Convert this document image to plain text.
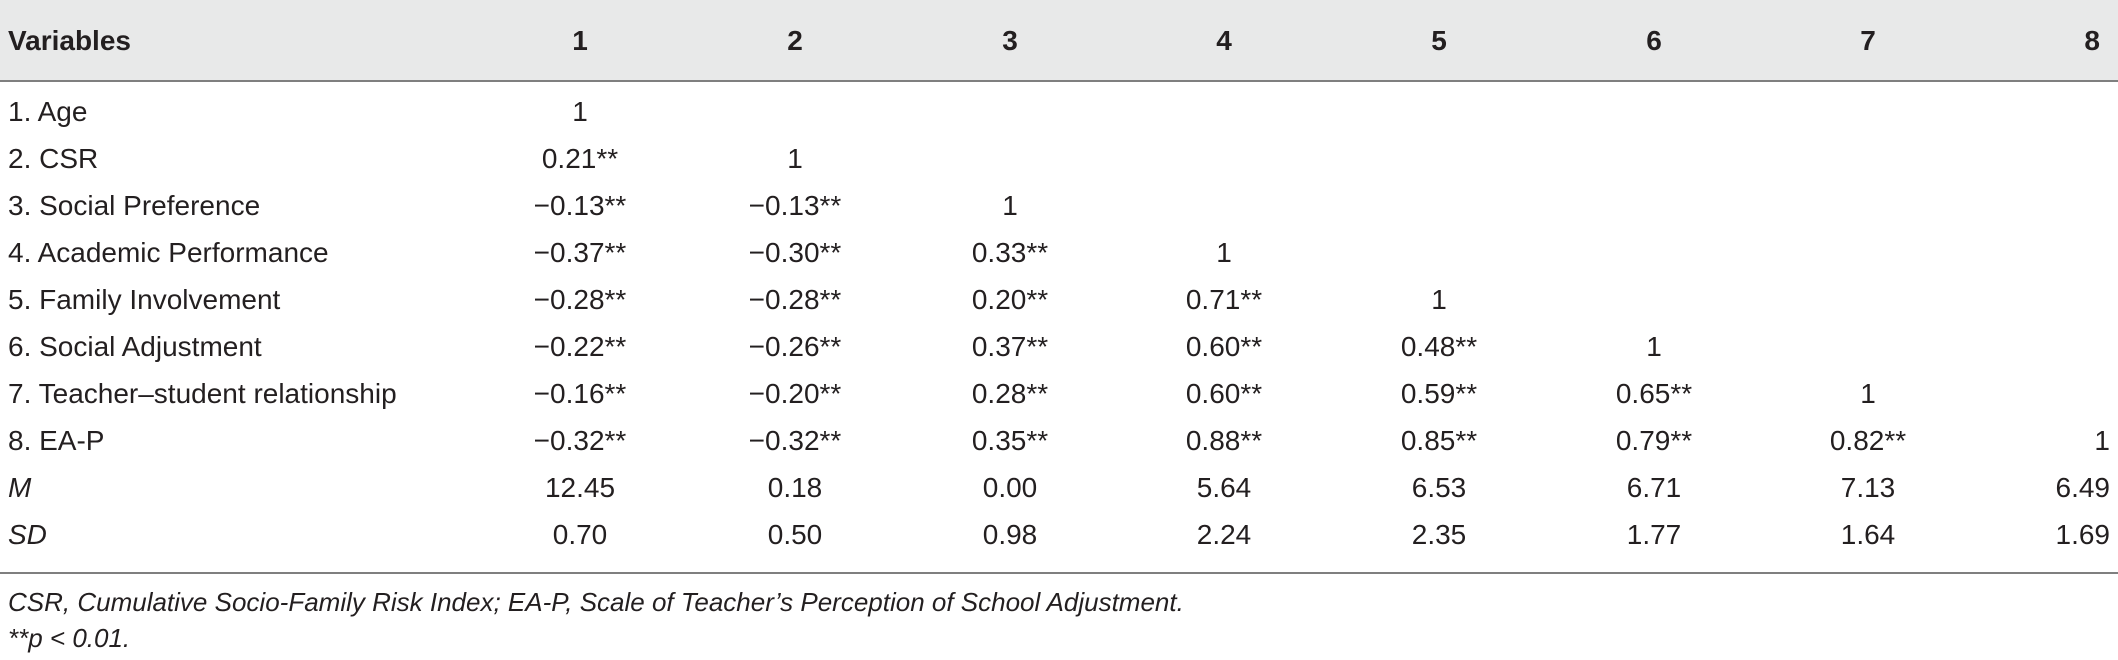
Variables	1	2	3	4	5	6	7	8
1. Age	1
2. CSR	0.21**	1
3. Social Preference	−0.13**	−0.13**	1
4. Academic Performance	−0.37**	−0.30**	0.33**	1
5. Family Involvement	−0.28**	−0.28**	0.20**	0.71**	1
6. Social Adjustment	−0.22**	−0.26**	0.37**	0.60**	0.48**	1
7. Teacher–student relationship	−0.16**	−0.20**	0.28**	0.60**	0.59**	0.65**	1
8. EA-P	−0.32**	−0.32**	0.35**	0.88**	0.85**	0.79**	0.82**	1
M	12.45	0.18	0.00	5.64	6.53	6.71	7.13	6.49
SD	0.70	0.50	0.98	2.24	2.35	1.77	1.64	1.69
CSR, Cumulative Socio-Family Risk Index; EA-P, Scale of Teacher’s Perception of School Adjustment.
**p < 0.01.
